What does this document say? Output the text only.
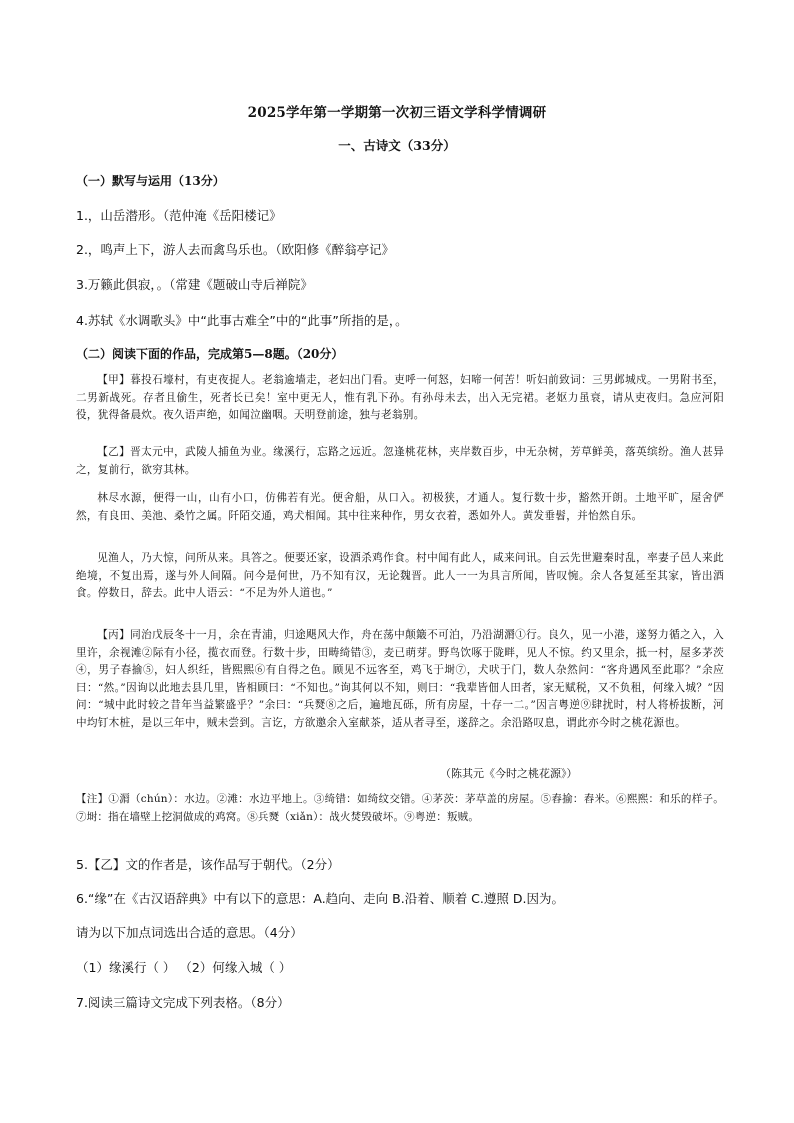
2025学年第一学期第一次初三语文学科学情调研
一、古诗文（33分）
（一）默写与运用（13分）
1.，山岳潜形。（范仲淹《岳阳楼记》
2.，鸣声上下，游人去而禽鸟乐也。（欧阳修《醉翁亭记》
3.万籁此俱寂，。（常建《题破山寺后禅院》
4.苏轼《水调歌头》中“此事古难全”中的“此事”所指的是，。
（二）阅读下面的作品，完成第5—8题。（20分）
【甲】暮投石壕村，有吏夜捉人。老翁逾墙走，老妇出门看。吏呼一何怒，妇啼一何苦！听妇前致词：三男邺城戍。一男附书至，二男新战死。存者且偷生，死者长已矣！室中更无人，惟有乳下孙。有孙母未去，出入无完裙。老妪力虽衰，请从吏夜归。急应河阳役，犹得备晨炊。夜久语声绝，如闻泣幽咽。天明登前途，独与老翁别。
【乙】晋太元中，武陵人捕鱼为业。缘溪行，忘路之远近。忽逢桃花林，夹岸数百步，中无杂树，芳草鲜美，落英缤纷。渔人甚异之，复前行，欲穷其林。
林尽水源，便得一山，山有小口，仿佛若有光。便舍船，从口入。初极狭，才通人。复行数十步，豁然开朗。土地平旷，屋舍俨然，有良田、美池、桑竹之属。阡陌交通，鸡犬相闻。其中往来种作，男女衣着，悉如外人。黄发垂髫，并怡然自乐。
见渔人，乃大惊，问所从来。具答之。便要还家，设酒杀鸡作食。村中闻有此人，咸来问讯。自云先世避秦时乱，率妻子邑人来此绝境，不复出焉，遂与外人间隔。问今是何世，乃不知有汉，无论魏晋。此人一一为具言所闻，皆叹惋。余人各复延至其家，皆出酒食。停数日，辞去。此中人语云：“不足为外人道也。”
【丙】同治戊辰冬十一月，余在青浦，归途飓风大作，舟在荡中颠簸不可泊，乃沿湖漘①行。良久，见一小港，遂努力循之入，入里许，余视滩②际有小径，揽衣而登。行数十步，田畴绮错③，麦已萌芽。野鸟饮啄于陇畔，见人不惊。约又里余，抵一村，屋多茅茨④，男子春揄⑤，妇人织纴，皆熙熙⑥有自得之色。顾见不远客至，鸡飞于埘⑦，犬吠于门，数人杂然问：“客舟遇风至此耶？”余应曰：“然。”因询以此地去县几里，皆相顾曰：“不知也。”询其何以不知，则曰：“我辈皆佃人田者，家无赋税，又不负租，何缘入城？”因问：“城中此时较之昔年当益繁盛乎？”余曰：“兵燹⑧之后，遍地瓦砾，所有房屋，十存一二。”因言粤逆⑨肆扰时，村人将桥拔断，河中均钉木桩，是以三年中，贼未尝到。言讫，方欲邀余入室献茶，适从者寻至，遂辞之。余沿路叹息，谓此亦今时之桃花源也。
（陈其元《今时之桃花源》）
【注】①漘（chún）：水边。②滩：水边平地上。③绮错：如绮纹交错。④茅茨：茅草盖的房屋。⑤舂揄：舂米。⑥熙熙：和乐的样子。⑦埘：指在墙壁上挖洞做成的鸡窝。⑧兵燹（xiǎn）：战火焚毁破坏。⑨粤逆：叛贼。
5.【乙】文的作者是，该作品写于朝代。（2分）
6.“缘”在《古汉语辞典》中有以下的意思：A.趋向、走向 B.沿着、顺着 C.遵照 D.因为。
请为以下加点词选出合适的意思。（4分）
（1）缘溪行（ ） （2）何缘入城（ ）
7.阅读三篇诗文完成下列表格。（8分）
